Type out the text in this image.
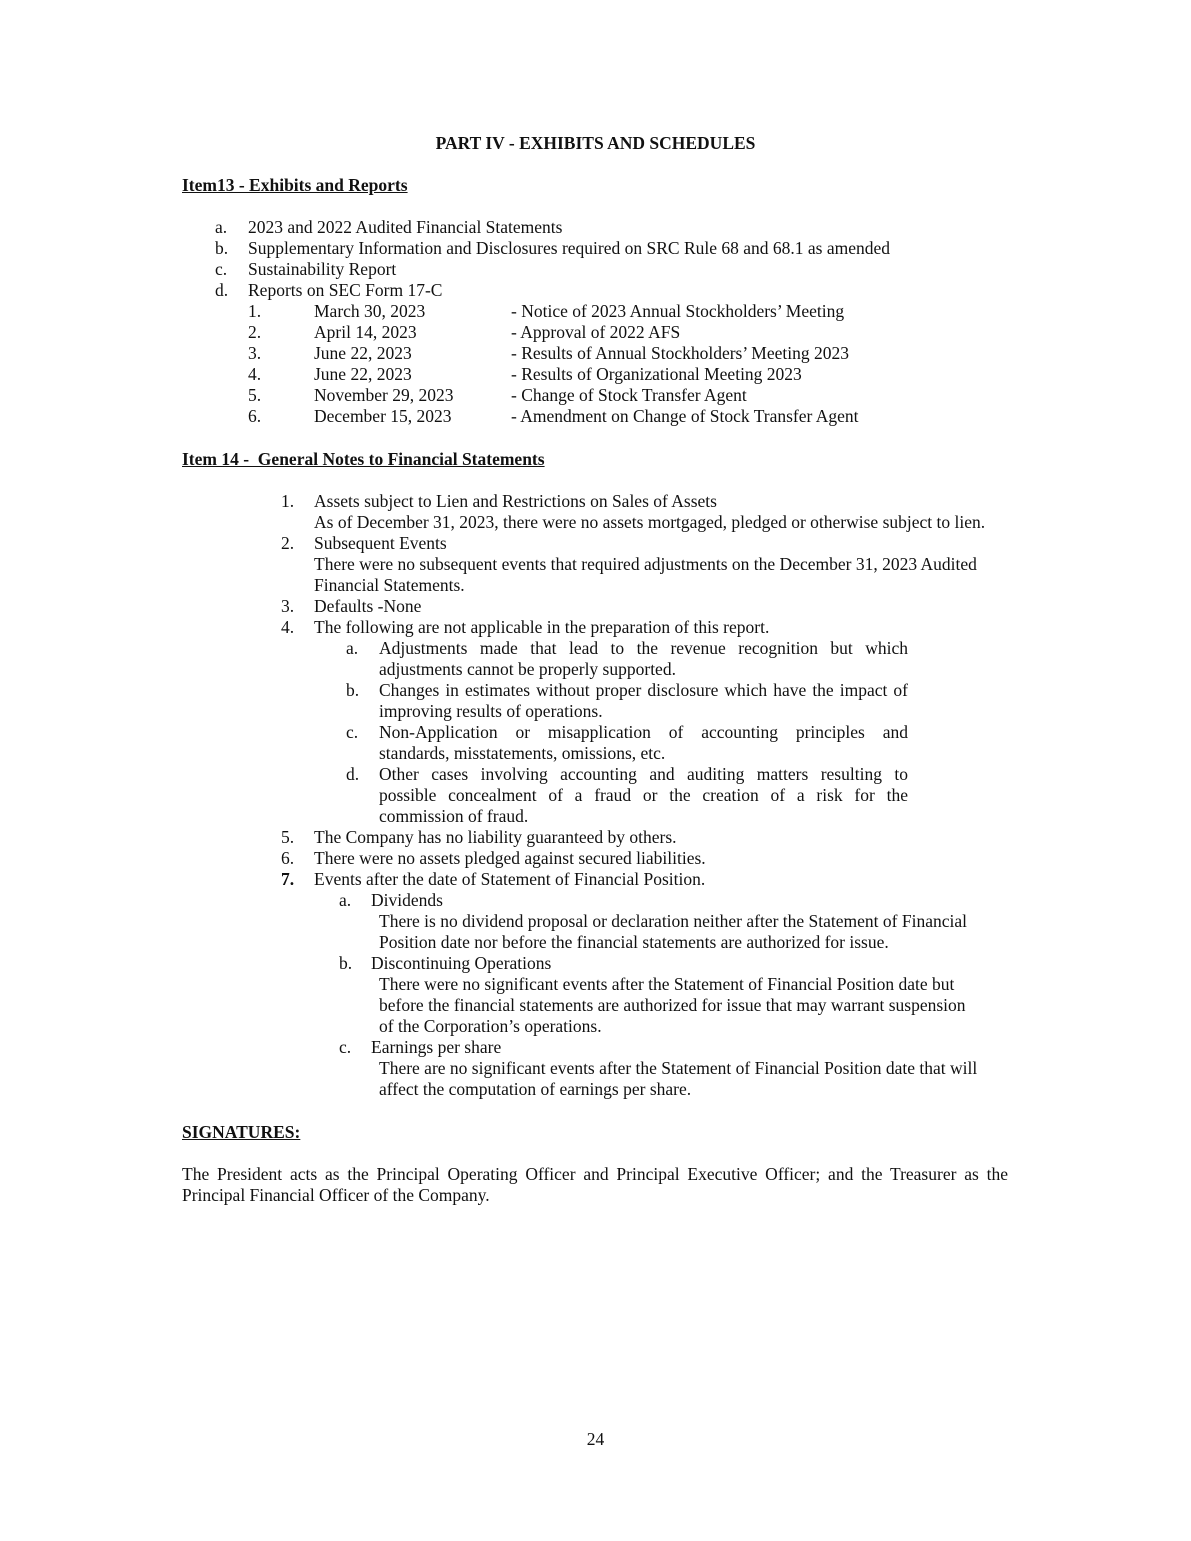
PART IV - EXHIBITS AND SCHEDULES
Item13 - Exhibits and Reports
a. 2023 and 2022 Audited Financial Statements
b. Supplementary Information and Disclosures required on SRC Rule 68 and 68.1 as amended
c. Sustainability Report
d. Reports on SEC Form 17-C
1.	March 30, 2023	- Notice of 2023 Annual Stockholders’ Meeting
2.	April 14, 2023	- Approval of 2022 AFS
3.	June 22, 2023	- Results of Annual Stockholders’ Meeting 2023
4.	June 22, 2023	- Results of Organizational Meeting 2023
5.	November 29, 2023	- Change of Stock Transfer Agent
6.	December 15, 2023	- Amendment on Change of Stock Transfer Agent
Item 14 -  General Notes to Financial Statements
1. Assets subject to Lien and Restrictions on Sales of Assets
As of December 31, 2023, there were no assets mortgaged, pledged or otherwise subject to lien.
2. Subsequent Events
There were no subsequent events that required adjustments on the December 31, 2023 Audited
Financial Statements.
3. Defaults -None
4. The following are not applicable in the preparation of this report.
a. Adjustments made that lead to the revenue recognition but which
adjustments cannot be properly supported.
b. Changes in estimates without proper disclosure which have the impact of
improving results of operations.
c. Non-Application or misapplication of accounting principles and
standards, misstatements, omissions, etc.
d. Other cases involving accounting and auditing matters resulting to
possible concealment of a fraud or the creation of a risk for the
commission of fraud.
5. The Company has no liability guaranteed by others.
6. There were no assets pledged against secured liabilities.
7. Events after the date of Statement of Financial Position.
a. Dividends
There is no dividend proposal or declaration neither after the Statement of Financial
Position date nor before the financial statements are authorized for issue.
b. Discontinuing Operations
There were no significant events after the Statement of Financial Position date but
before the financial statements are authorized for issue that may warrant suspension
of the Corporation’s operations.
c. Earnings per share
There are no significant events after the Statement of Financial Position date that will
affect the computation of earnings per share.
SIGNATURES:
The President acts as the Principal Operating Officer and Principal Executive Officer; and the Treasurer as the
Principal Financial Officer of the Company.
24
